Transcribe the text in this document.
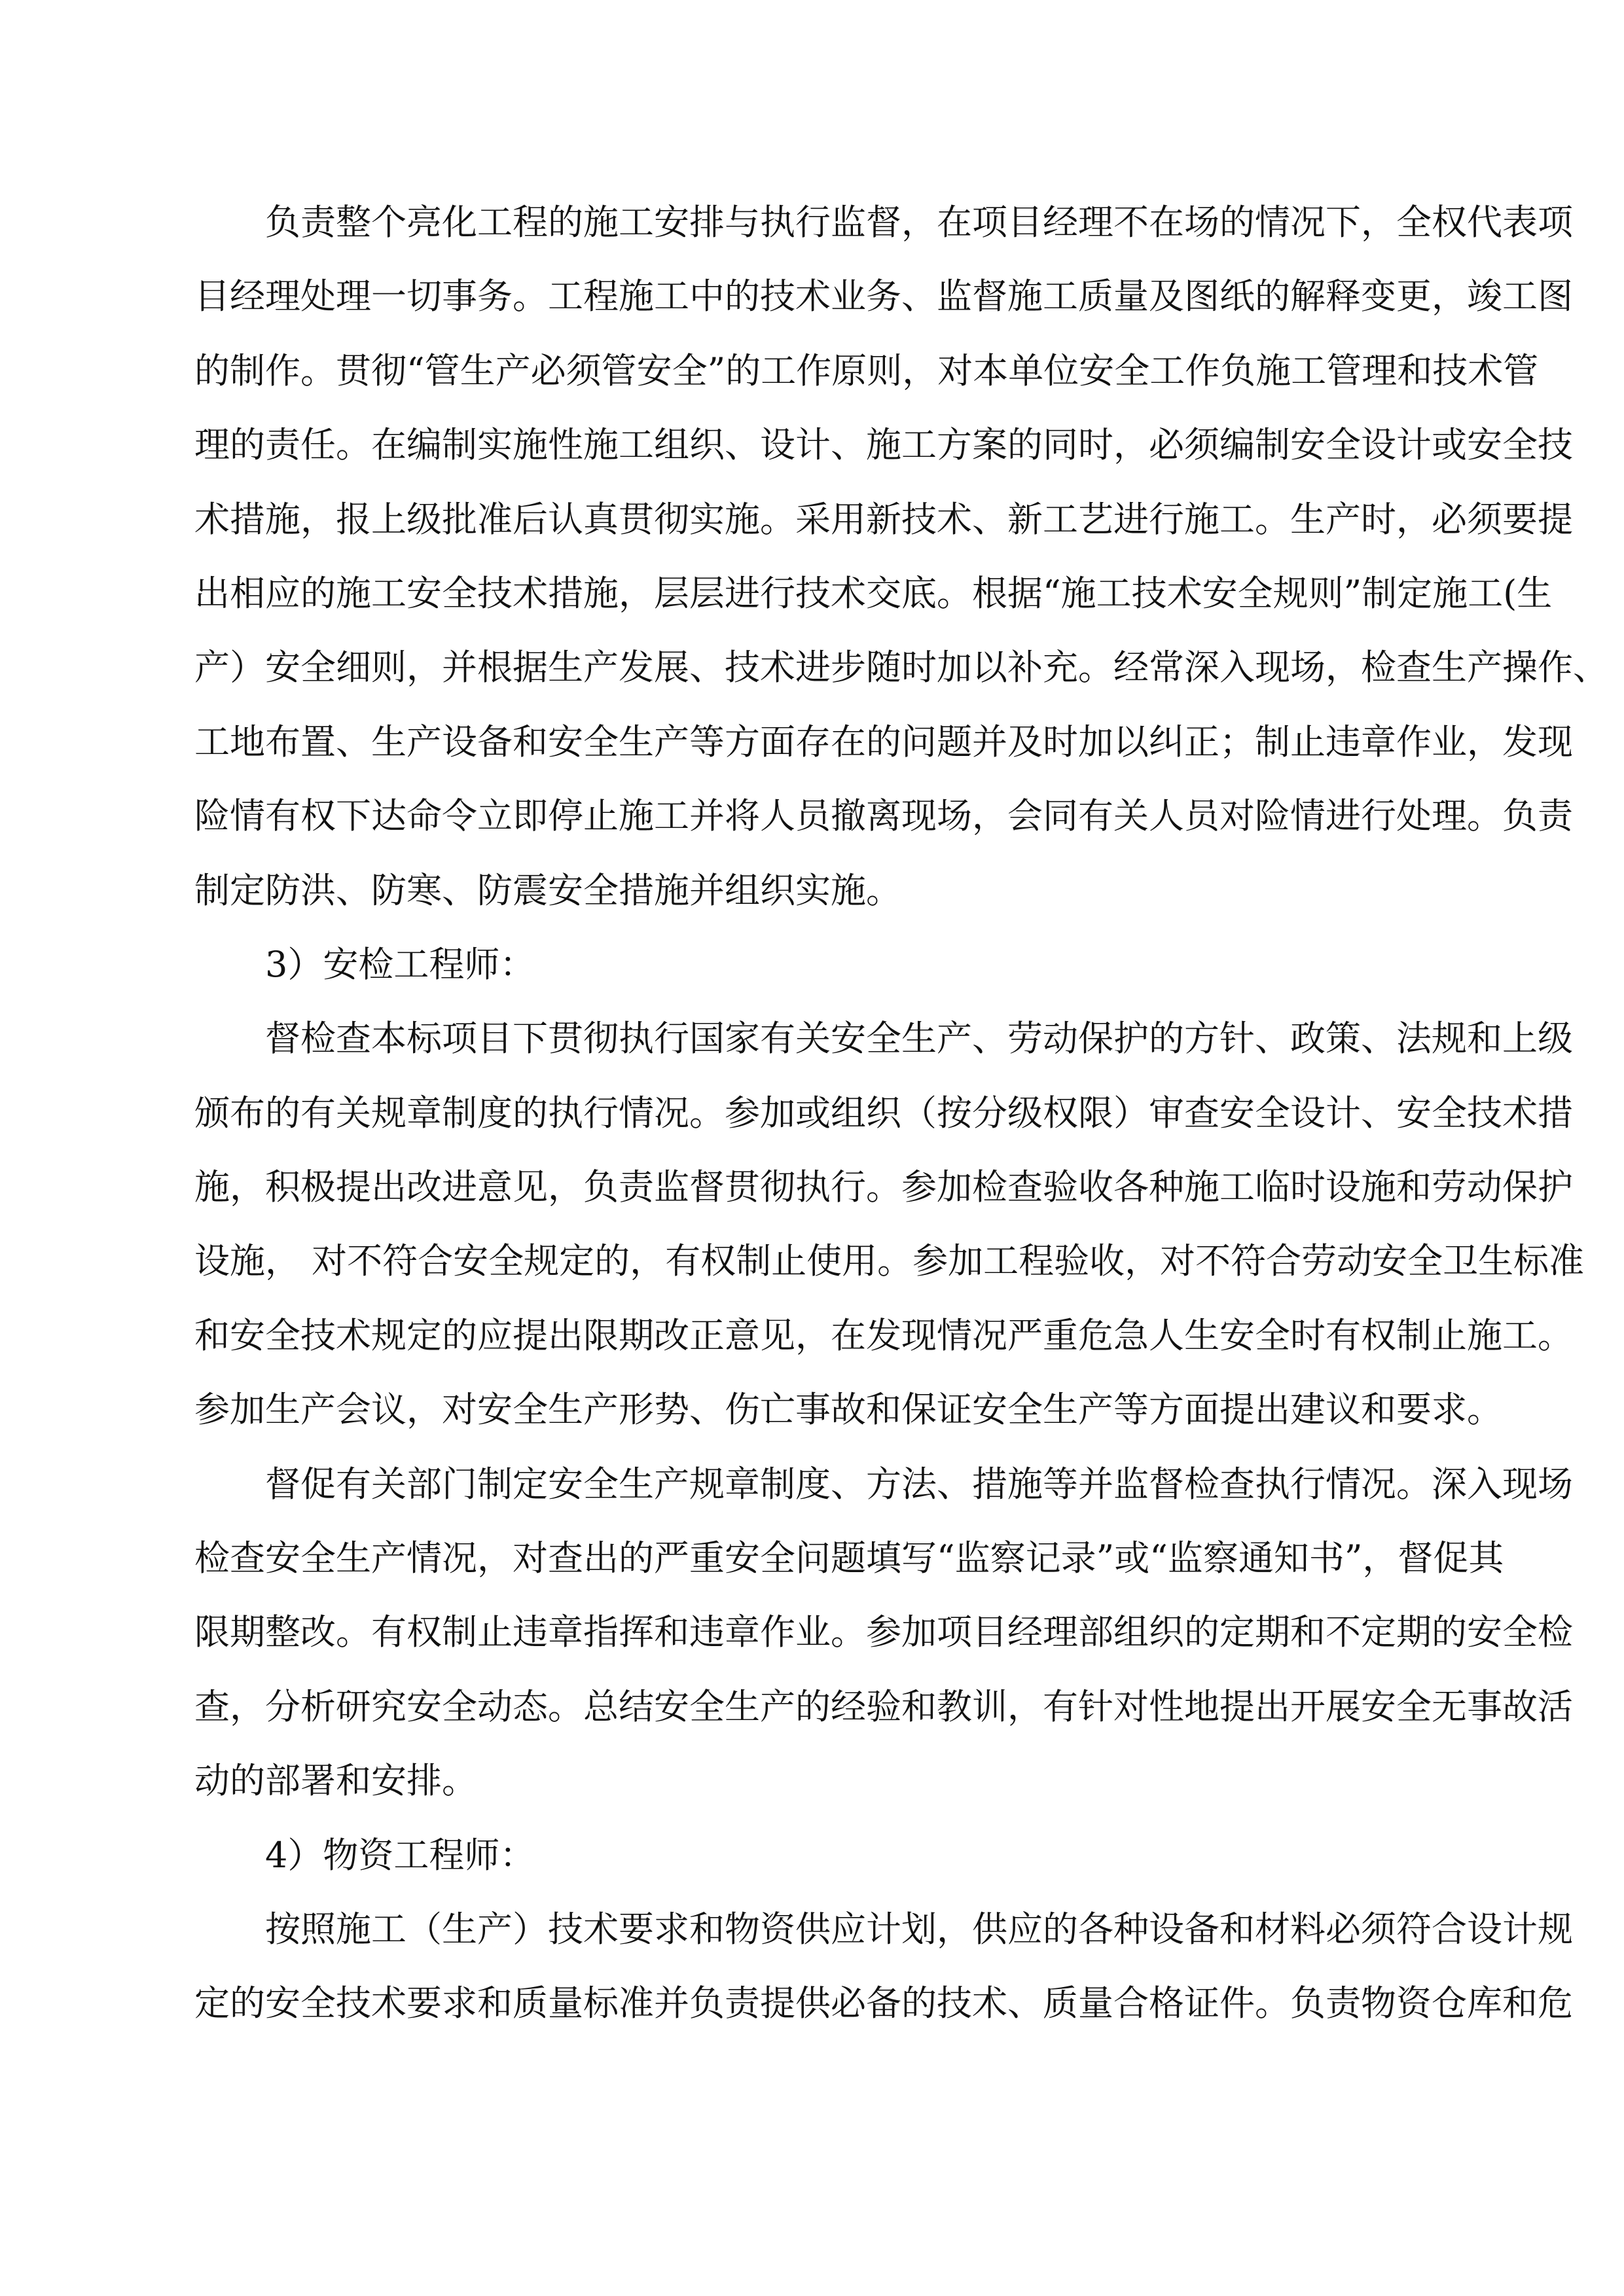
负责整个亮化工程的施工安排与执行监督，在项目经理不在场的情况下，全权代表项
目经理处理一切事务。工程施工中的技术业务、监督施工质量及图纸的解释变更，竣工图
的制作。贯彻“管生产必须管安全”的工作原则，对本单位安全工作负施工管理和技术管
理的责任。在编制实施性施工组织、设计、施工方案的同时，必须编制安全设计或安全技
术措施，报上级批准后认真贯彻实施。采用新技术、新工艺进行施工。生产时，必须要提
出相应的施工安全技术措施，层层进行技术交底。根据“施工技术安全规则”制定施工(生
产）安全细则，并根据生产发展、技术进步随时加以补充。经常深入现场，检查生产操作、
工地布置、生产设备和安全生产等方面存在的问题并及时加以纠正；制止违章作业，发现
险情有权下达命令立即停止施工并将人员撤离现场，会同有关人员对险情进行处理。负责
制定防洪、防寒、防震安全措施并组织实施。
3）安检工程师：
督检查本标项目下贯彻执行国家有关安全生产、劳动保护的方针、政策、法规和上级
颁布的有关规章制度的执行情况。参加或组织（按分级权限）审查安全设计、安全技术措
施，积极提出改进意见，负责监督贯彻执行。参加检查验收各种施工临时设施和劳动保护
设施， 对不符合安全规定的，有权制止使用。参加工程验收，对不符合劳动安全卫生标准
和安全技术规定的应提出限期改正意见，在发现情况严重危急人生安全时有权制止施工。
参加生产会议，对安全生产形势、伤亡事故和保证安全生产等方面提出建议和要求。
督促有关部门制定安全生产规章制度、方法、措施等并监督检查执行情况。深入现场
检查安全生产情况，对查出的严重安全问题填写“监察记录”或“监察通知书”，督促其
限期整改。有权制止违章指挥和违章作业。参加项目经理部组织的定期和不定期的安全检
查，分析研究安全动态。总结安全生产的经验和教训，有针对性地提出开展安全无事故活
动的部署和安排。
4）物资工程师：
按照施工（生产）技术要求和物资供应计划，供应的各种设备和材料必须符合设计规
定的安全技术要求和质量标准并负责提供必备的技术、质量合格证件。负责物资仓库和危
